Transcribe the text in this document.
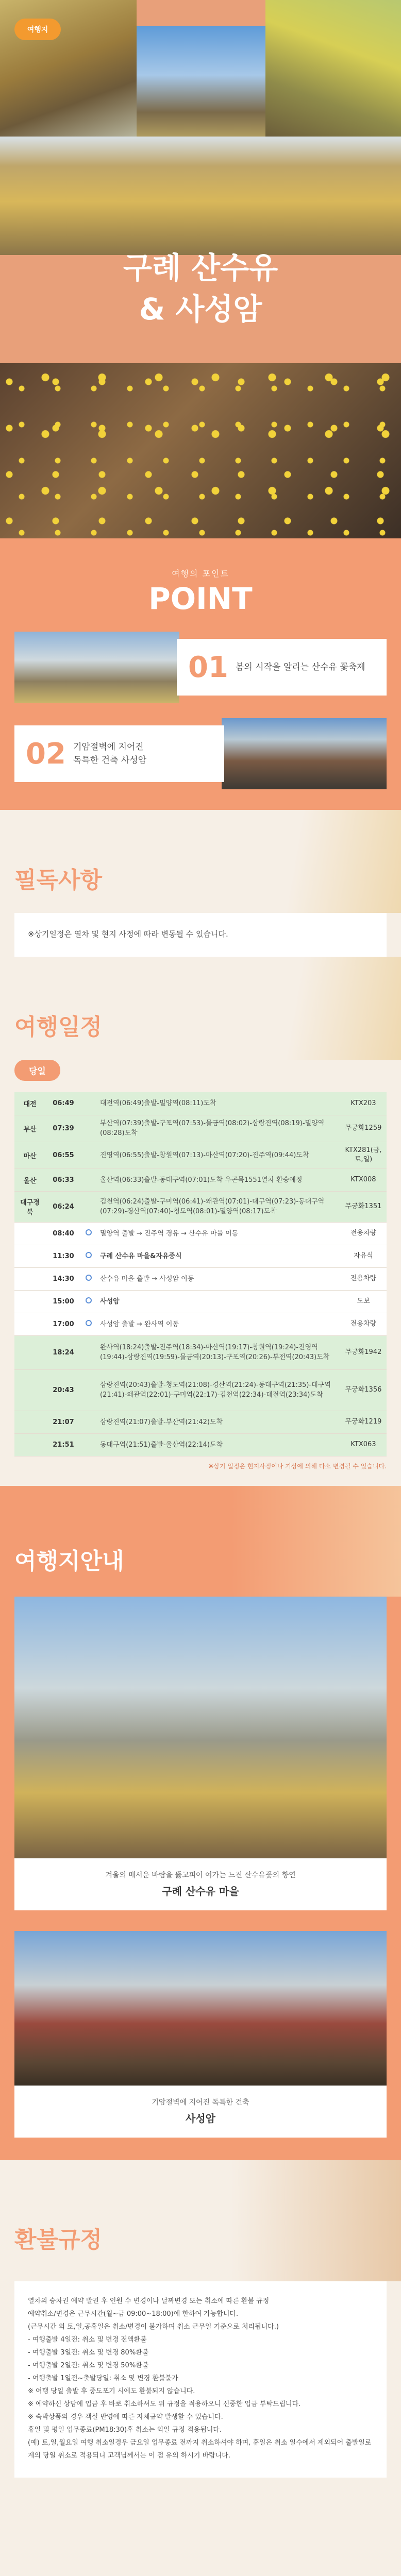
여행지
구례 산수유
& 사성암
여행의 포인트
POINT
01 봄의 시작을 알리는 산수유 꽃축제
02 기암절벽에 지어진
독특한 건축 사성암
필독사항
※상기일정은 열차 및 현지 사정에 따라 변동될 수 있습니다.
여행일정
당일
대전	06:49		대전역(06:49)출발-밀양역(08:11)도착	KTX203
부산	07:39		부산역(07:39)출발-구포역(07:53)-물금역(08:02)-삼랑진역(08:19)-밀양역(08:28)도착	무궁화1259
마산	06:55		진영역(06:55)출발-창원역(07:13)-마산역(07:20)-진주역(09:44)도착	KTX281(금,토,일)
울산	06:33		울산역(06:33)출발-동대구역(07:01)도착 우곤목1551열차 환승예정	KTX008
대구경북	06:24		김천역(06:24)출발-구미역(06:41)-왜관역(07:01)-대구역(07:23)-동대구역(07:29)-경산역(07:40)-청도역(08:01)-밀양역(08:17)도착	무궁화1351
	08:40		밀양역 출발 → 진주역 경유 → 산수유 마을 이동	전용차량
	11:30		구례 산수유 마을&자유중식	자유식
	14:30		산수유 마을 출발 → 사성암 이동	전용차량
	15:00		사성암	도보
	17:00		사성암 출발 → 완사역 이동	전용차량
	18:24		완사역(18:24)출발-진주역(18:34)-마산역(19:17)-창원역(19:24)-진영역(19:44)-삼랑진역(19:59)-물금역(20:13)-구포역(20:26)-부전역(20:43)도착	무궁화1942
	20:43		삼랑진역(20:43)출발-청도역(21:08)-경산역(21:24)-동대구역(21:35)-대구역(21:41)-왜관역(22:01)-구미역(22:17)-김천역(22:34)-대전역(23:34)도착	무궁화1356
	21:07		삼랑진역(21:07)출발-부산역(21:42)도착	무궁화1219
	21:51		동대구역(21:51)출발-울산역(22:14)도착	KTX063
※상기 일정은 현지사정이나 기상에 의해 다소 변경될 수 있습니다.
여행지안내
겨울의 매서운 바람을 뚫고피어 여가는 느진 산수유꽃의 향연
구례 산수유 마을
기암절벽에 지어진 독특한 건축
사성암
환불규정
열차의 승차권 예약 발권 후 인원 수 변경이나 날짜변경 또는 취소에 따른 환불 규정
예약취소/변경은 근무시간(월~금 09:00~18:00)에 한하여 가능합니다.
(근무시간 외 토,일,공휴일은 취소/변경이 불가하며 취소 근무일 기준으로 처리됩니다.)
- 여행출발 4일전: 취소 및 변경 전액환불
- 여행출발 3일전: 취소 및 변경 80%환불
- 여행출발 2일전: 취소 및 변경 50%환불
- 여행출발 1일전~출발당일: 취소 및 변경 환불불가
※ 여행 당일 출발 후 중도포기 시에도 환불되지 않습니다.
※ 예약하신 상담에 입금 후 바로 취소하셔도 위 규정을 적용하오니 신중한 입금 부탁드립니다.
※ 숙박상품의 경우 객실 반영에 따른 자체규약 발생할 수 있습니다.
휴일 및 평일 업무종료(PM18:30)후 취소는 익일 규정 적용됩니다.
(예) 토,일,월요일 여행 취소일경우 금요일 업무종료 전까지 취소하셔야 하며, 휴일은 취소 일수에서 제외되어 출발일로 계의 당일 취소로 적용되니 고객님께서는 이 점 유의 하시기 바랍니다.
